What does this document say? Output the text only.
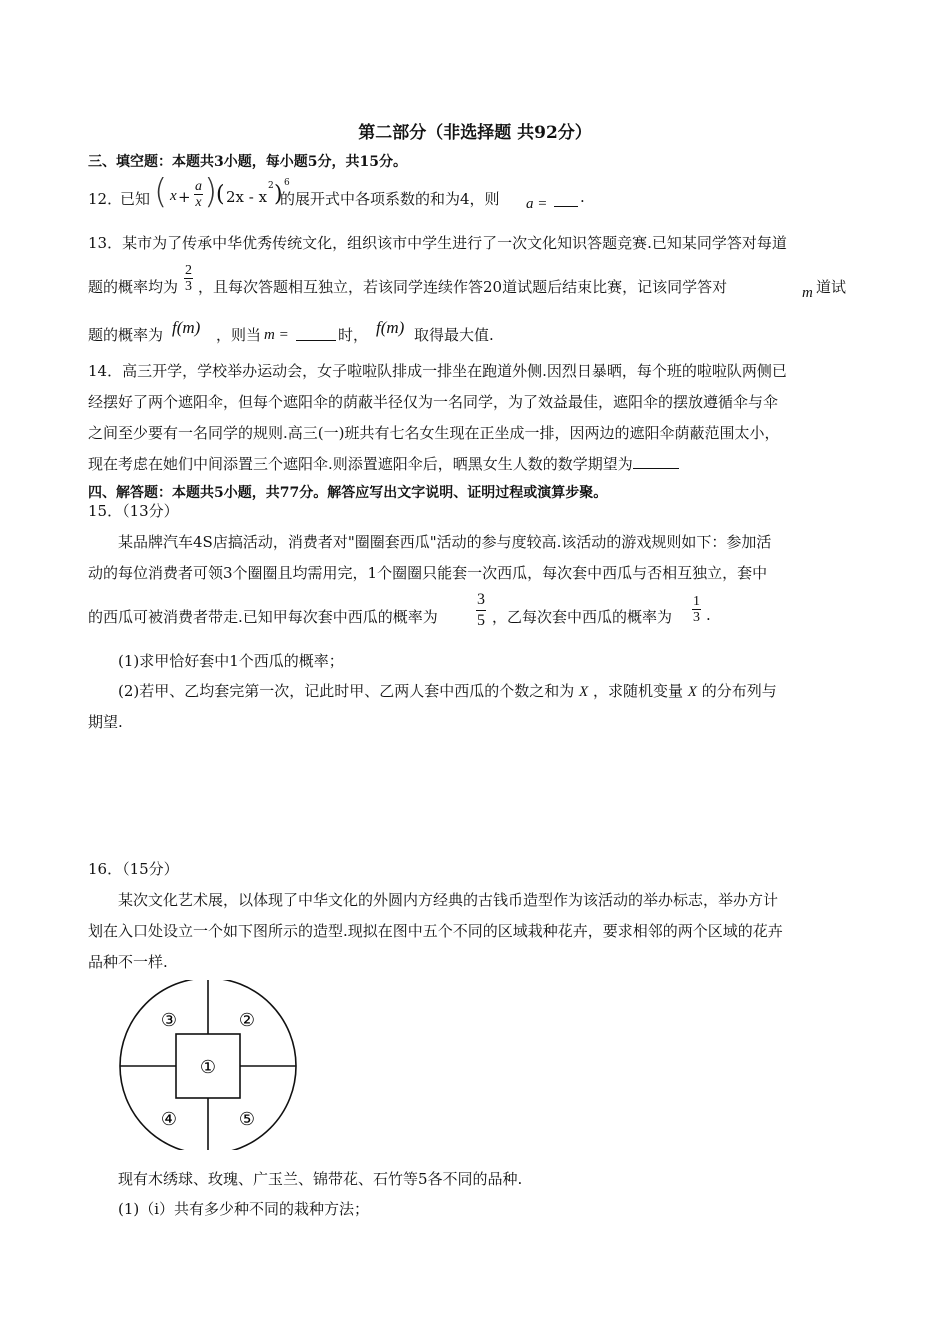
第二部分（非选择题 共92分）
三、填空题：本题共3小题，每小题5分，共15分。
12．
已知 ( $x + \frac{a}{x}$ )
( 2x - x
2 ) 6
的展开式中各项系数的和为4，则 a = .
13．某市为了传承中华优秀传统文化，组织该市中学生进行了一次文化知识答题竞赛.已知某同学答对每道
题的概率均为 $\frac{2}{3}$ ，且每次答题相互独立，若该同学连续作答20道试题后结束比赛，记该同学答对	m 道试
题的概率为 f(m) ，则当 m =	时， f(m) 取得最大值.
14．高三开学，学校举办运动会，女子啦啦队排成一排坐在跑道外侧.因烈日暴晒，每个班的啦啦队两侧已
经摆好了两个遮阳伞，但每个遮阳伞的荫蔽半径仅为一名同学，为了效益最佳，遮阳伞的摆放遵循伞与伞
之间至少要有一名同学的规则.高三(一)班共有七名女生现在正坐成一排，因两边的遮阳伞荫蔽范围太小，
现在考虑在她们中间添置三个遮阳伞.则添置遮阳伞后，晒黑女生人数的数学期望为
四、解答题：本题共5小题，共77分。解答应写出文字说明、证明过程或演算步聚。
15．（13分）
某品牌汽车4S店搞活动，消费者对"圈圈套西瓜"活动的参与度较高.该活动的游戏规则如下：参加活
动的每位消费者可领3个圈圈且均需用完，1个圈圈只能套一次西瓜，每次套中西瓜与否相互独立，套中
的西瓜可被消费者带走.已知甲每次套中西瓜的概率为 $\frac{3}{5}$ ，乙每次套中西瓜的概率为 $\frac{1}{3}$ .
(1)求甲恰好套中1个西瓜的概率；
(2)若甲、乙均套完第一次，记此时甲、乙两人套中西瓜的个数之和为 X ，求随机变量 X 的分布列与
期望.
16．（15分）
某次文化艺术展，以体现了中华文化的外圆内方经典的古钱币造型作为该活动的举办标志，举办方计
划在入口处设立一个如下图所示的造型.现拟在图中五个不同的区域栽种花卉，要求相邻的两个区域的花卉
品种不一样.
①
②
③
④	⑤
现有木绣球、玫瑰、广玉兰、锦带花、石竹等5各不同的品种.
(1)（i）共有多少种不同的栽种方法；
